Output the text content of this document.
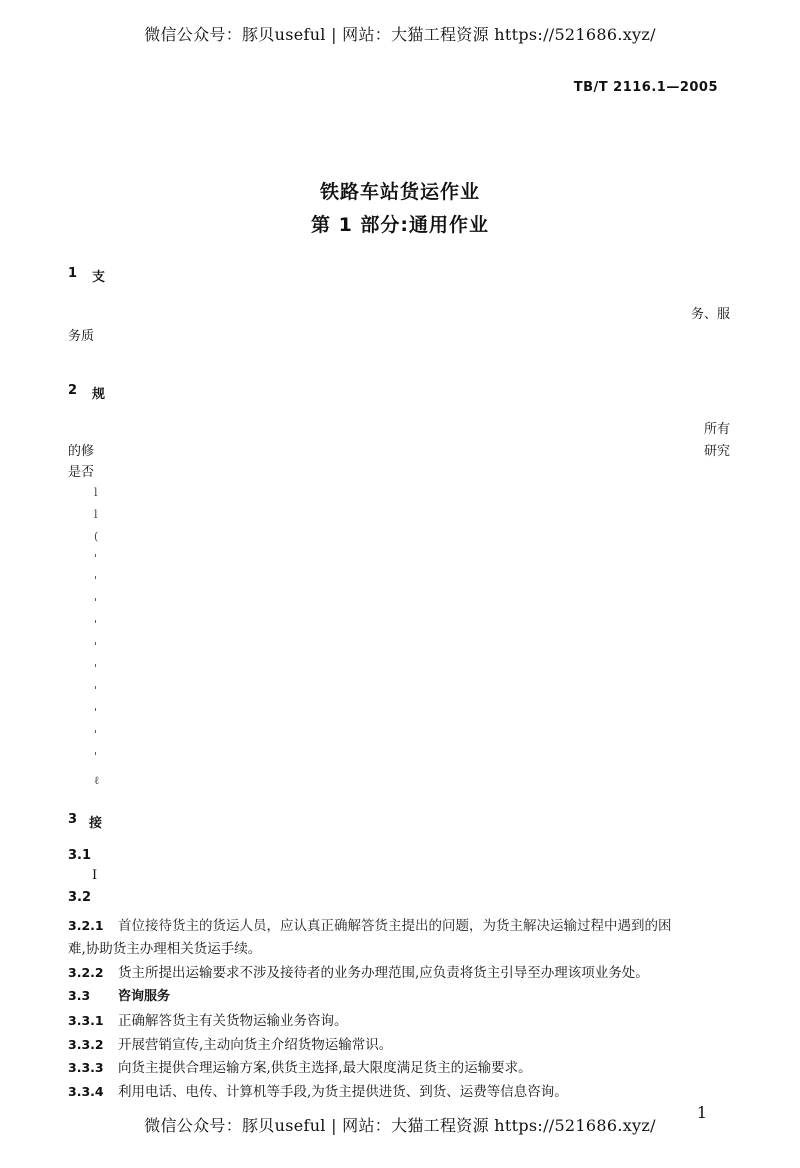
微信公众号：豚贝useful | 网站：大猫工程资源 https://521686.xyz/
微信公众号：豚贝useful | 网站：大猫工程资源 https://521686.xyz/
TB/T 2116.1—2005
铁路车站货运作业
第 1 部分:通用作业
1 支
务、服
务质
2 规
所有
的修	研究
是否
l
l
(
'
'
'
'
'
'
'
'
'
'
ℓ
3 接
3.1
I
3.2
3.2.1 首位接待货主的货运人员，应认真正确解答货主提出的问题，为货主解决运输过程中遇到的困
难,协助货主办理相关货运手续。
3.2.2 货主所提出运输要求不涉及接待者的业务办理范围,应负责将货主引导至办理该项业务处。
3.3 咨询服务
3.3.1 正确解答货主有关货物运输业务咨询。
3.3.2 开展营销宣传,主动向货主介绍货物运输常识。
3.3.3 向货主提供合理运输方案,供货主选择,最大限度满足货主的运输要求。
3.3.4 利用电话、电传、计算机等手段,为货主提供进货、到货、运费等信息咨询。
1
